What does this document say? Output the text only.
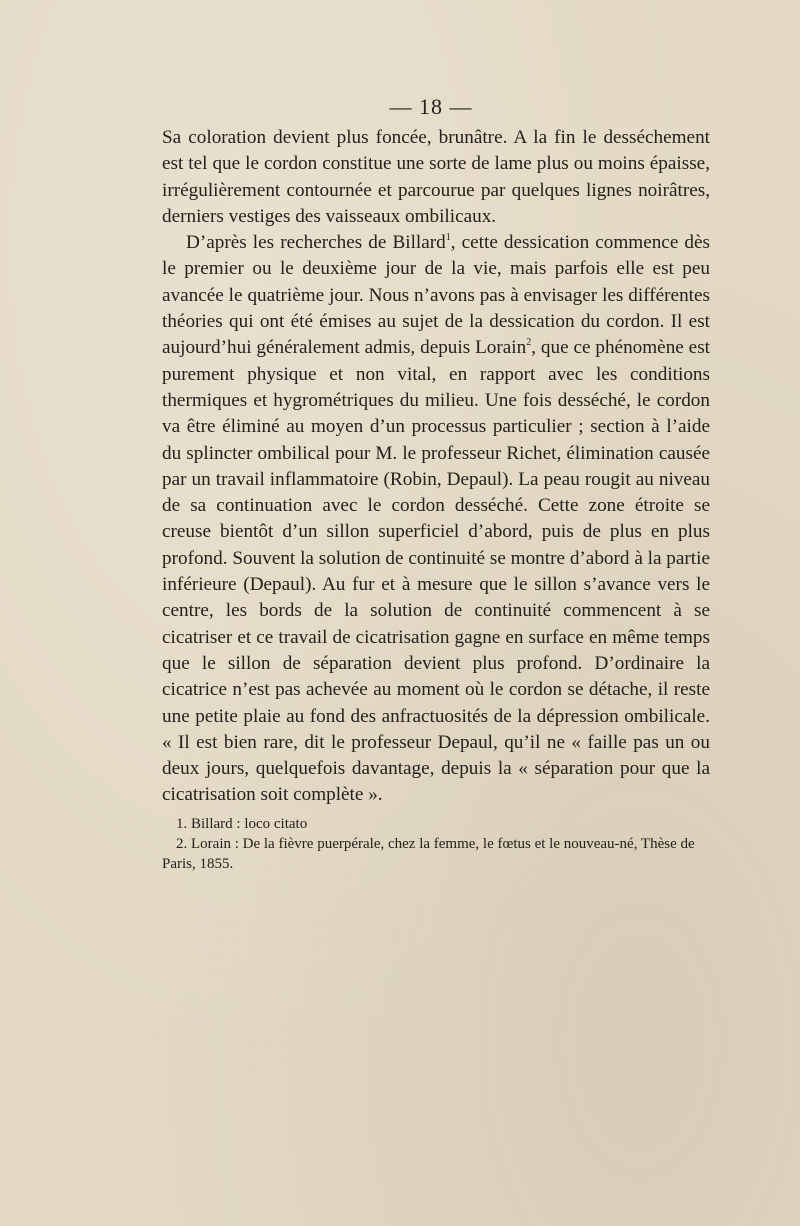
— 18 —

Sa coloration devient plus foncée, brunâtre. A la fin le desséchement est tel que le cordon constitue une sorte de lame plus ou moins épaisse, irrégulièrement contournée et parcourue par quelques lignes noirâtres, derniers vestiges des vaisseaux ombilicaux.

D’après les recherches de Billard$^1$, cette dessication commence dès le premier ou le deuxième jour de la vie, mais parfois elle est peu avancée le quatrième jour. Nous n’avons pas à envisager les différentes théories qui ont été émises au sujet de la dessication du cordon. Il est aujourd’hui généralement admis, depuis Lorain$^2$, que ce phénomène est purement physique et non vital, en rapport avec les conditions thermiques et hygrométriques du milieu. Une fois desséché, le cordon va être éliminé au moyen d’un processus particulier ; section à l’aide du splincter ombilical pour M. le professeur Richet, élimination causée par un travail inflammatoire (Robin, Depaul). La peau rougit au niveau de sa continuation avec le cordon desséché. Cette zone étroite se creuse bientôt d’un sillon superficiel d’abord, puis de plus en plus profond. Souvent la solution de continuité se montre d’abord à la partie inférieure (Depaul). Au fur et à mesure que le sillon s’avance vers le centre, les bords de la solution de continuité commencent à se cicatriser et ce travail de cicatrisation gagne en surface en même temps que le sillon de séparation devient plus profond. D’ordinaire la cicatrice n’est pas achevée au moment où le cordon se détache, il reste une petite plaie au fond des anfractuosités de la dépression ombilicale. « Il est bien rare, dit le professeur Depaul, qu’il ne « faille pas un ou deux jours, quelquefois davantage, depuis la « séparation pour que la cicatrisation soit complète ».

1. Billard : loco citato

2. Lorain : De la fièvre puerpérale, chez la femme, le fœtus et le nouveau-né, Thèse de Paris, 1855.
